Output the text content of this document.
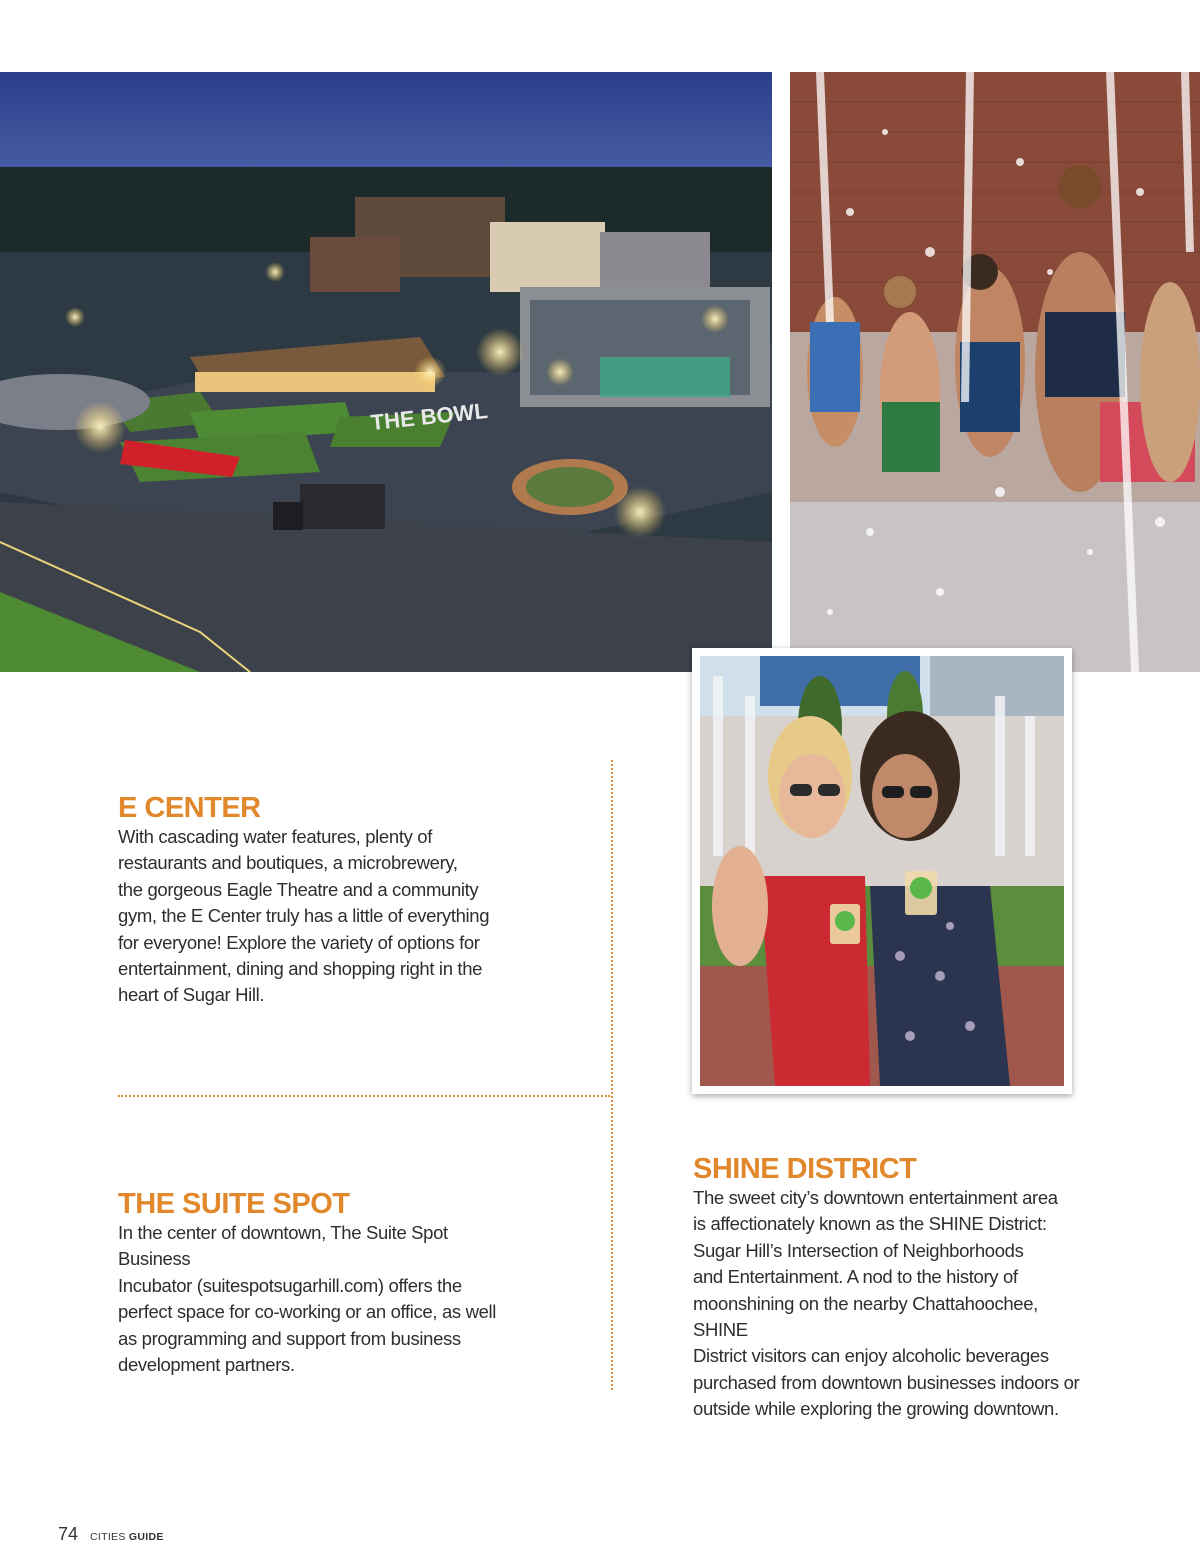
THE BOWL
E CENTER

With cascading water features, plenty of
restaurants and boutiques, a microbrewery,
the gorgeous Eagle Theatre and a community
gym, the E Center truly has a little of everything
for everyone! Explore the variety of options for
entertainment, dining and shopping right in the
heart of Sugar Hill.

THE SUITE SPOT

In the center of downtown, The Suite Spot Business
Incubator (suitespotsugarhill.com) offers the
perfect space for co-working or an office, as well
as programming and support from business
development partners.

SHINE DISTRICT

The sweet city’s downtown entertainment area
is affectionately known as the SHINE District:
Sugar Hill’s Intersection of Neighborhoods
and Entertainment. A nod to the history of
moonshining on the nearby Chattahoochee, SHINE
District visitors can enjoy alcoholic beverages
purchased from downtown businesses indoors or
outside while exploring the growing downtown.

74 CITIES GUIDE
